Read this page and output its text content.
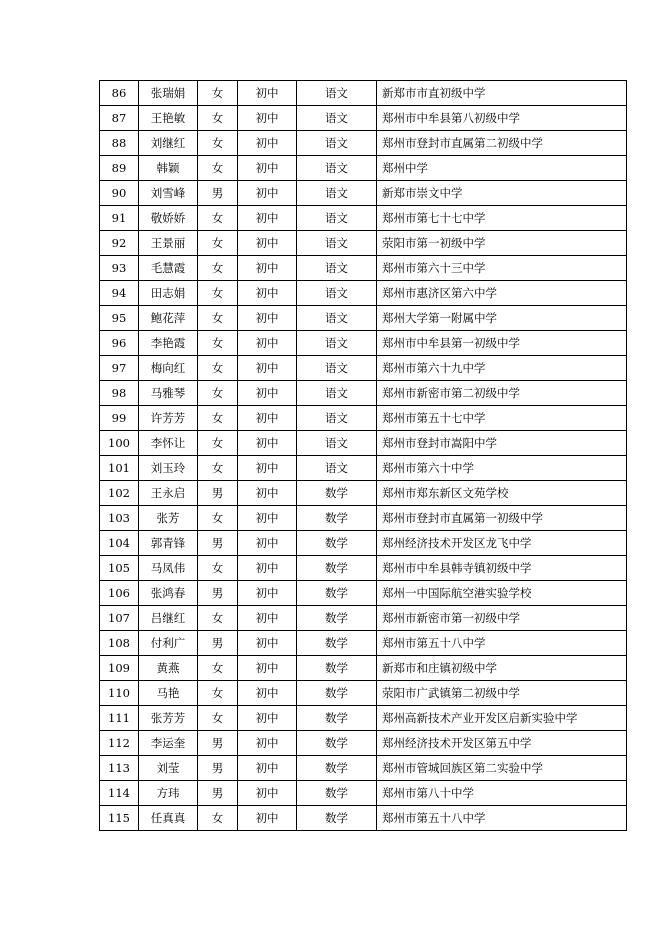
86	张瑞娟	女	初中	语文	新郑市市直初级中学
87	王艳敏	女	初中	语文	郑州市中牟县第八初级中学
88	刘继红	女	初中	语文	郑州市登封市直属第二初级中学
89	韩颖	女	初中	语文	郑州中学
90	刘雪峰	男	初中	语文	新郑市崇文中学
91	敬娇娇	女	初中	语文	郑州市第七十七中学
92	王景丽	女	初中	语文	荥阳市第一初级中学
93	毛慧霞	女	初中	语文	郑州市第六十三中学
94	田志娟	女	初中	语文	郑州市惠济区第六中学
95	鲍花萍	女	初中	语文	郑州大学第一附属中学
96	李艳霞	女	初中	语文	郑州市中牟县第一初级中学
97	梅向红	女	初中	语文	郑州市第六十九中学
98	马雅琴	女	初中	语文	郑州市新密市第二初级中学
99	许芳芳	女	初中	语文	郑州市第五十七中学
100	李怀让	女	初中	语文	郑州市登封市嵩阳中学
101	刘玉玲	女	初中	语文	郑州市第六十中学
102	王永启	男	初中	数学	郑州市郑东新区文苑学校
103	张芳	女	初中	数学	郑州市登封市直属第一初级中学
104	郭青锋	男	初中	数学	郑州经济技术开发区龙飞中学
105	马凤伟	女	初中	数学	郑州市中牟县韩寺镇初级中学
106	张鸿春	男	初中	数学	郑州一中国际航空港实验学校
107	吕继红	女	初中	数学	郑州市新密市第一初级中学
108	付利广	男	初中	数学	郑州市第五十八中学
109	黄燕	女	初中	数学	新郑市和庄镇初级中学
110	马艳	女	初中	数学	荥阳市广武镇第二初级中学
111	张芳芳	女	初中	数学	郑州高新技术产业开发区启新实验中学
112	李运奎	男	初中	数学	郑州经济技术开发区第五中学
113	刘莹	男	初中	数学	郑州市管城回族区第二实验中学
114	方玮	男	初中	数学	郑州市第八十中学
115	任真真	女	初中	数学	郑州市第五十八中学
